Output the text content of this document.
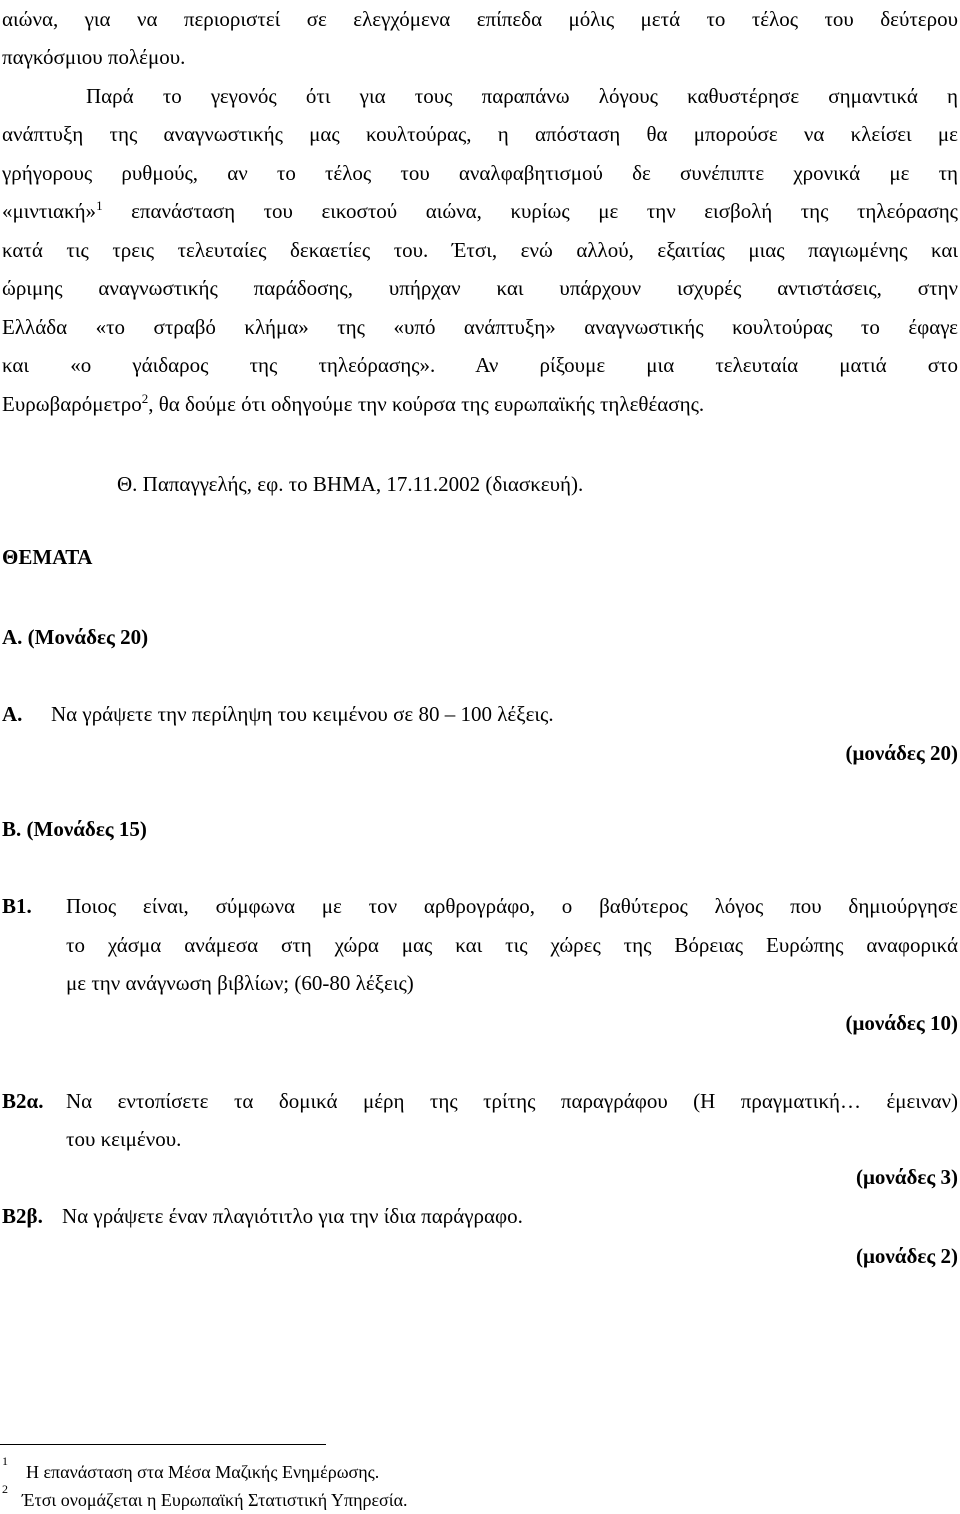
αιώνα, για να περιοριστεί σε ελεγχόμενα επίπεδα μόλις μετά το τέλος του δεύτερου
παγκόσμιου πολέμου.
Παρά το γεγονός ότι για τους παραπάνω λόγους καθυστέρησε σημαντικά η
ανάπτυξη της αναγνωστικής μας κουλτούρας, η απόσταση θα μπορούσε να κλείσει με
γρήγορους ρυθμούς, αν το τέλος του αναλφαβητισμού δε συνέπιπτε χρονικά με τη
«μιντιακή»$^1$ επανάσταση του εικοστού αιώνα, κυρίως με την εισβολή της τηλεόρασης
κατά τις τρεις τελευταίες δεκαετίες του. Έτσι, ενώ αλλού, εξαιτίας μιας παγιωμένης και
ώριμης αναγνωστικής παράδοσης, υπήρχαν και υπάρχουν ισχυρές αντιστάσεις, στην
Ελλάδα «το στραβό κλήμα» της «υπό ανάπτυξη» αναγνωστικής κουλτούρας το έφαγε
και «ο γάιδαρος της τηλεόρασης». Αν ρίξουμε μια τελευταία ματιά στο
Ευρωβαρόμετρο$^2$, θα δούμε ότι οδηγούμε την κούρσα της ευρωπαϊκής τηλεθέασης.
Θ. Παπαγγελής, εφ. το ΒΗΜΑ, 17.11.2002 (διασκευή).
ΘΕΜΑΤΑ
Α. (Μονάδες 20)
Α. Να γράψετε την περίληψη του κειμένου σε 80 – 100 λέξεις.
(μονάδες 20)
Β. (Μονάδες 15)
Β1. Ποιος είναι, σύμφωνα με τον αρθρογράφο, ο βαθύτερος λόγος που δημιούργησε
το χάσμα ανάμεσα στη χώρα μας και τις χώρες της Βόρειας Ευρώπης αναφορικά
με την ανάγνωση βιβλίων; (60-80 λέξεις)
(μονάδες 10)
Β2α. Να εντοπίσετε τα δομικά μέρη της τρίτης παραγράφου (Η πραγματική… έμειναν)
του κειμένου.
(μονάδες 3)
Β2β. Να γράψετε έναν πλαγιότιτλο για την ίδια παράγραφο.
(μονάδες 2)
1
Η επανάσταση στα Μέσα Μαζικής Ενημέρωσης.
2
Έτσι ονομάζεται η Ευρωπαϊκή Στατιστική Υπηρεσία.
